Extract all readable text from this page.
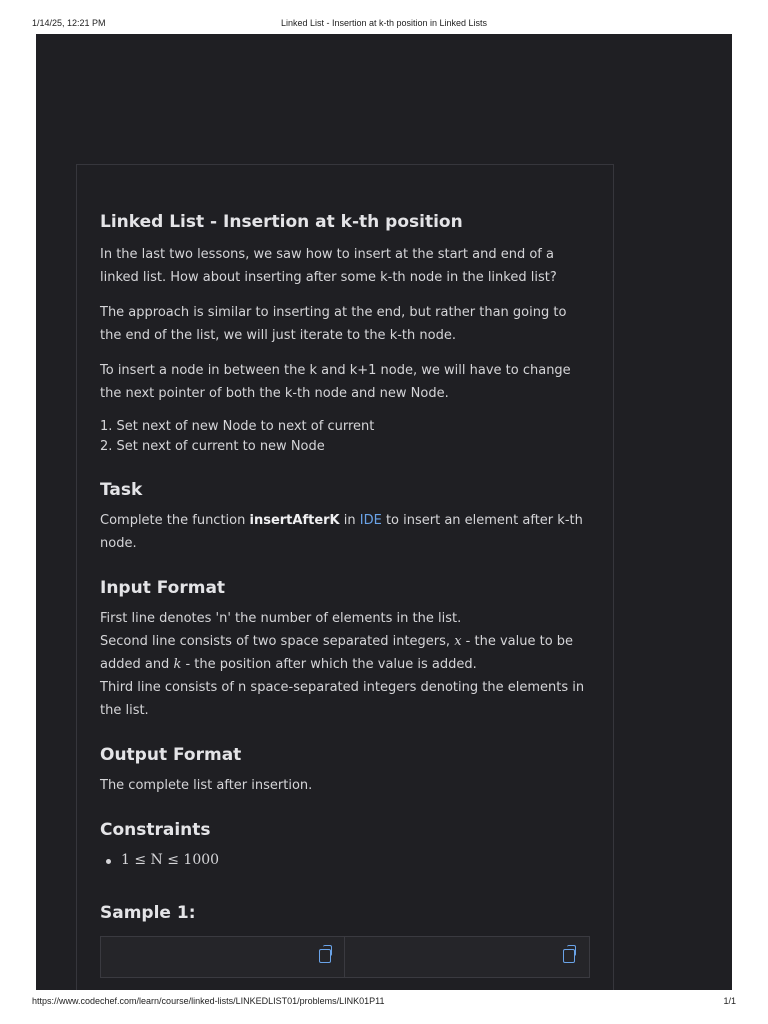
1/14/25, 12:21 PM	Linked List - Insertion at k-th position in Linked Lists
Linked List - Insertion at k-th position

In the last two lessons, we saw how to insert at the start and end of a linked list. How about inserting after some k-th node in the linked list?

The approach is similar to inserting at the end, but rather than going to the end of the list, we will just iterate to the k-th node.

To insert a node in between the k and k+1 node, we will have to change the next pointer of both the k-th node and new Node.

1. Set next of new Node to next of current
2. Set next of current to new Node
Task

Complete the function insertAfterK in IDE to insert an element after k-th node.

Input Format

First line denotes 'n' the number of elements in the list.

Second line consists of two space separated integers, x - the value to be added and k - the position after which the value is added.

Third line consists of n space-separated integers denoting the elements in the list.

Output Format

The complete list after insertion.

Constraints
1 ≤ N ≤ 1000
Sample 1:
https://www.codechef.com/learn/course/linked-lists/LINKEDLIST01/problems/LINK01P11	1/1
